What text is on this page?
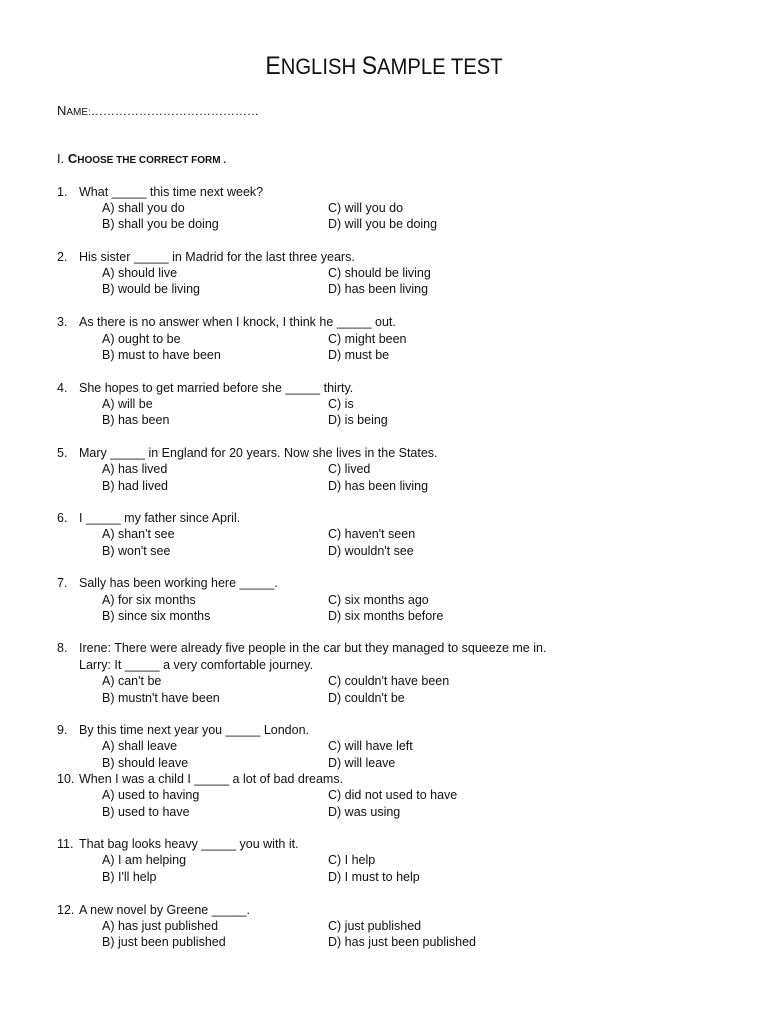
ENGLISH SAMPLE TEST
NAME:……………………………………
I. CHOOSE THE CORRECT FORM .
1. What _____ this time next week?
A) shall you do	C) will you do
B) shall you be doing	D) will you be doing
2. His sister _____ in Madrid for the last three years.
A) should live	C) should be living
B) would be living	D) has been living
3. As there is no answer when I knock, I think he _____ out.
A) ought to be	C) might been
B) must to have been	D) must be
4. She hopes to get married before she _____ thirty.
A) will be	C) is
B) has been	D) is being
5. Mary _____ in England for 20 years. Now she lives in the States.
A) has lived	C) lived
B) had lived	D) has been living
6. I _____ my father since April.
A) shan't see	C) haven't seen
B) won't see	D) wouldn't see
7. Sally has been working here _____.
A) for six months	C) six months ago
B) since six months	D) six months before
8. Irene: There were already five people in the car but they managed to squeeze me in.
Larry: It _____ a very comfortable journey.
A) can't be	C) couldn't have been
B) mustn't have been	D) couldn't be
9. By this time next year you _____ London.
A) shall leave	C) will have left
B) should leave	D) will leave
10. When I was a child I _____ a lot of bad dreams.
A) used to having	C) did not used to have
B) used to have	D) was using
11. That bag looks heavy _____ you with it.
A) I am helping	C) I help
B) I'll help	D) I must to help
12. A new novel by Greene _____.
A) has just published	C) just published
B) just been published	D) has just been published
